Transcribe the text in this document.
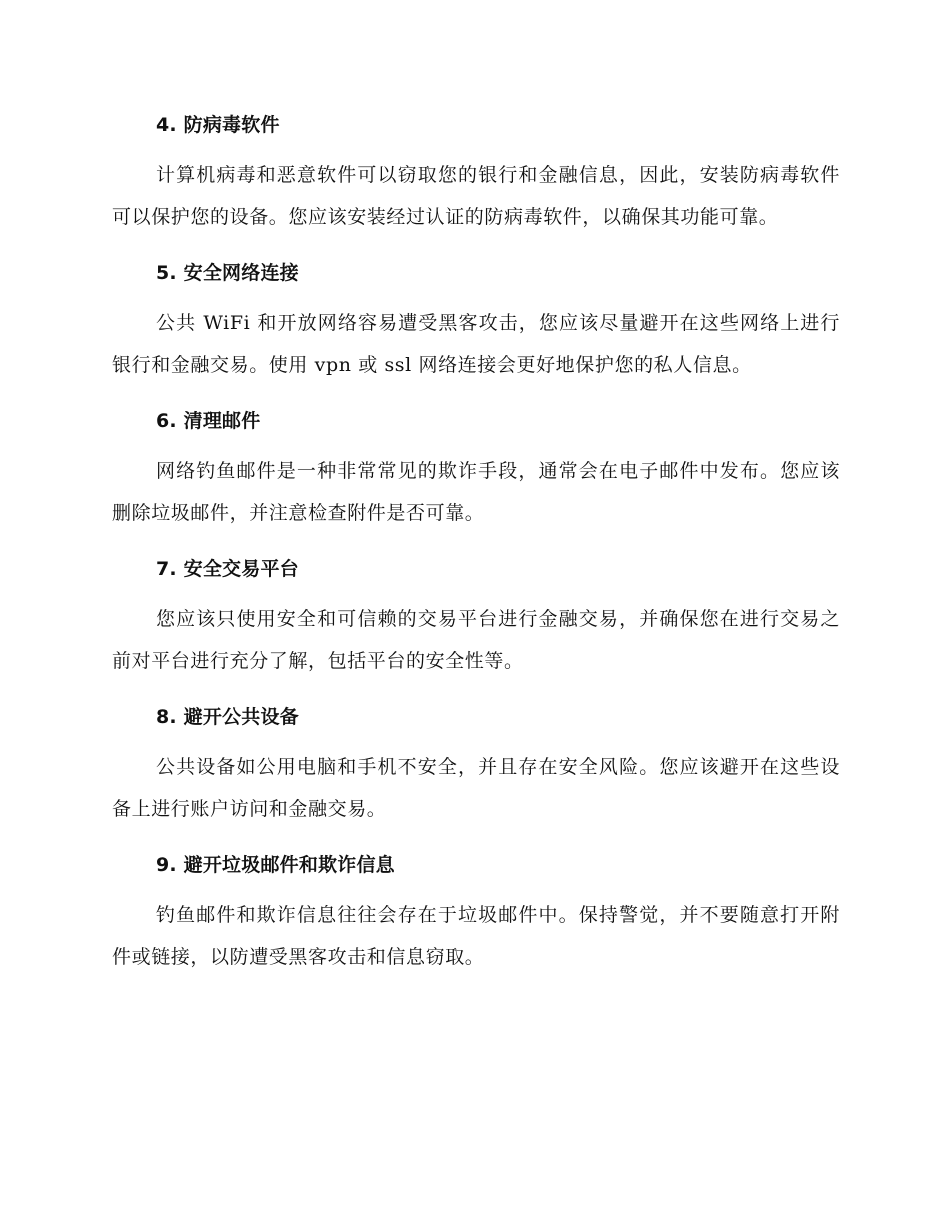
4. 防病毒软件

计算机病毒和恶意软件可以窃取您的银行和金融信息，因此，安装防病毒软件可以保护您的设备。您应该安装经过认证的防病毒软件，以确保其功能可靠。

5. 安全网络连接

公共 WiFi 和开放网络容易遭受黑客攻击，您应该尽量避开在这些网络上进行银行和金融交易。使用 vpn 或 ssl 网络连接会更好地保护您的私人信息。

6. 清理邮件

网络钓鱼邮件是一种非常常见的欺诈手段，通常会在电子邮件中发布。您应该删除垃圾邮件，并注意检查附件是否可靠。

7. 安全交易平台

您应该只使用安全和可信赖的交易平台进行金融交易，并确保您在进行交易之前对平台进行充分了解，包括平台的安全性等。

8. 避开公共设备

公共设备如公用电脑和手机不安全，并且存在安全风险。您应该避开在这些设备上进行账户访问和金融交易。

9. 避开垃圾邮件和欺诈信息

钓鱼邮件和欺诈信息往往会存在于垃圾邮件中。保持警觉，并不要随意打开附件或链接，以防遭受黑客攻击和信息窃取。
